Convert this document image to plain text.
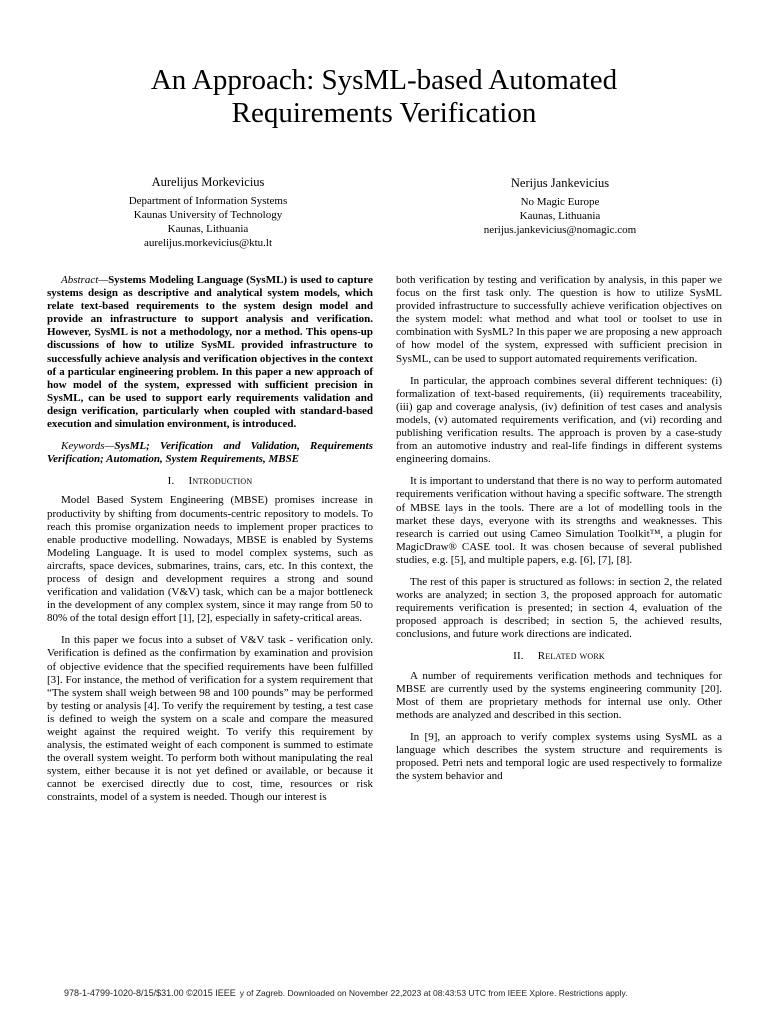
An Approach: SysML-based Automated
Requirements Verification
Aurelijus Morkevicius
Department of Information Systems
Kaunas University of Technology
Kaunas, Lithuania
aurelijus.morkevicius@ktu.lt
Nerijus Jankevicius
No Magic Europe
Kaunas, Lithuania
nerijus.jankevicius@nomagic.com
Abstract—Systems Modeling Language (SysML) is used to capture systems design as descriptive and analytical system models, which relate text-based requirements to the system design model and provide an infrastructure to support analysis and verification. However, SysML is not a methodology, nor a method. This opens-up discussions of how to utilize SysML provided infrastructure to successfully achieve analysis and verification objectives in the context of a particular engineering problem. In this paper a new approach of how model of the system, expressed with sufficient precision in SysML, can be used to support early requirements validation and design verification, particularly when coupled with standard-based execution and simulation environment, is introduced.
Keywords—SysML; Verification and Validation, Requirements Verification; Automation, System Requirements, MBSE
I. Introduction

Model Based System Engineering (MBSE) promises increase in productivity by shifting from documents-centric repository to models. To reach this promise organization needs to implement proper practices to enable productive modelling. Nowadays, MBSE is enabled by Systems Modeling Language. It is used to model complex systems, such as aircrafts, space devices, submarines, trains, cars, etc. In this context, the process of design and development requires a strong and sound verification and validation (V&V) task, which can be a major bottleneck in the development of any complex system, since it may range from 50 to 80% of the total design effort [1], [2], especially in safety-critical areas.

In this paper we focus into a subset of V&V task - verification only. Verification is defined as the confirmation by examination and provision of objective evidence that the specified requirements have been fulfilled [3]. For instance, the method of verification for a system requirement that “The system shall weigh between 98 and 100 pounds” may be performed by testing or analysis [4]. To verify the requirement by testing, a test case is defined to weigh the system on a scale and compare the measured weight against the required weight. To verify this requirement by analysis, the estimated weight of each component is summed to estimate the overall system weight. To perform both without manipulating the real system, either because it is not yet defined or available, or because it cannot be exercised directly due to cost, time, resources or risk constraints, model of a system is needed. Though our interest is

both verification by testing and verification by analysis, in this paper we focus on the first task only. The question is how to utilize SysML provided infrastructure to successfully achieve verification objectives on the system model: what method and what tool or toolset to use in combination with SysML? In this paper we are proposing a new approach of how model of the system, expressed with sufficient precision in SysML, can be used to support automated requirements verification.

In particular, the approach combines several different techniques: (i) formalization of text-based requirements, (ii) requirements traceability, (iii) gap and coverage analysis, (iv) definition of test cases and analysis models, (v) automated requirements verification, and (vi) recording and publishing verification results. The approach is proven by a case-study from an automotive industry and real-life findings in different systems engineering domains.

It is important to understand that there is no way to perform automated requirements verification without having a specific software. The strength of MBSE lays in the tools. There are a lot of modelling tools in the market these days, everyone with its strengths and weaknesses. This research is carried out using Cameo Simulation Toolkit™, a plugin for MagicDraw® CASE tool. It was chosen because of several published studies, e.g. [5], and multiple papers, e.g. [6], [7], [8].

The rest of this paper is structured as follows: in section 2, the related works are analyzed; in section 3, the proposed approach for automatic requirements verification is presented; in section 4, evaluation of the proposed approach is described; in section 5, the achieved results, conclusions, and future work directions are indicated.

II. Related work

A number of requirements verification methods and techniques for MBSE are currently used by the systems engineering community [20]. Most of them are proprietary methods for internal use only. Other methods are analyzed and described in this section.

In [9], an approach to verify complex systems using SysML as a language which describes the system structure and requirements is proposed. Petri nets and temporal logic are used respectively to formalize the system behavior and

978-1-4799-1020-8/15/$31.00 ©2015 IEEE y of Zagreb. Downloaded on November 22,2023 at 08:43:53 UTC from IEEE Xplore. Restrictions apply.
